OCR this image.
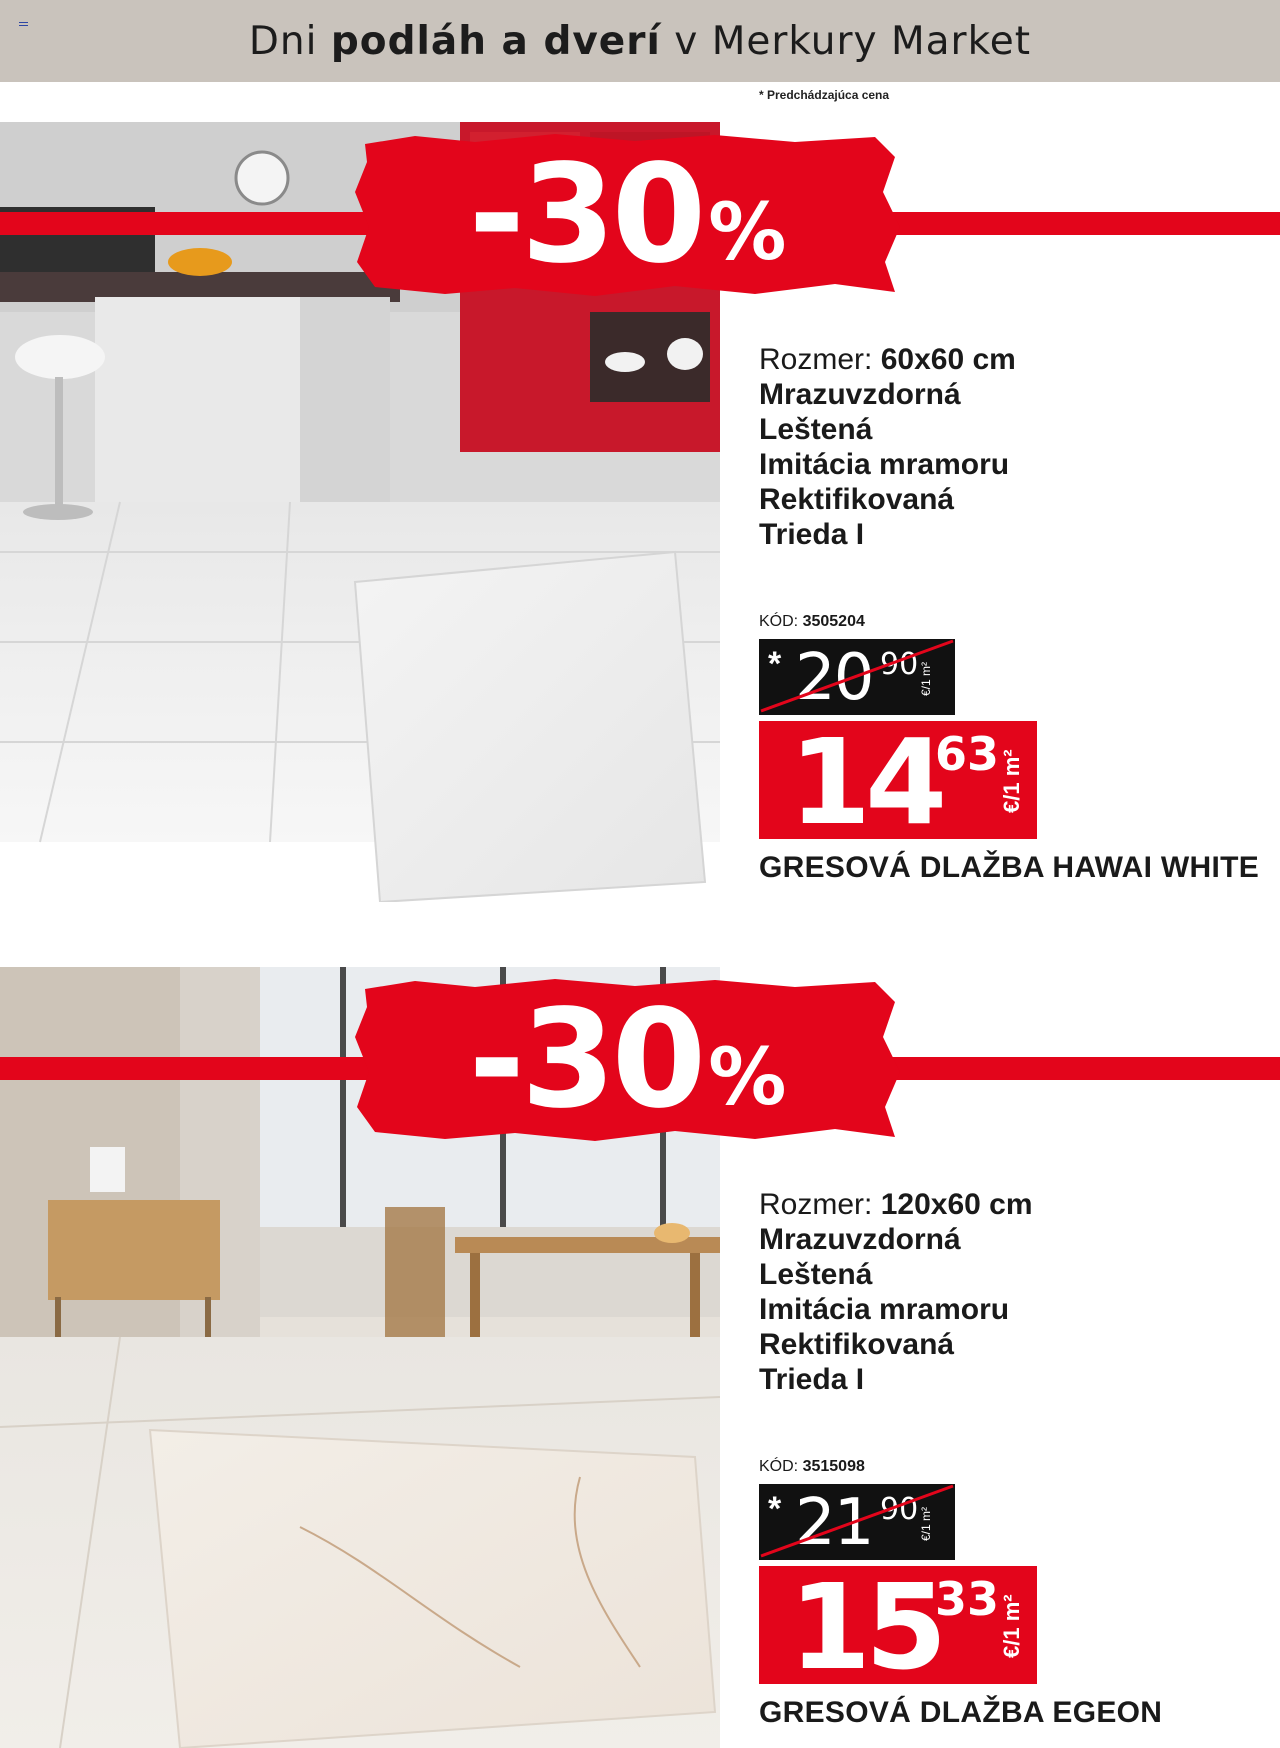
Dni podláh a dverí v Merkury Market
* Predchádzajúca cena
-30 %
Rozmer: 60x60 cm
Mrazuvzdorná
Leštená
Imitácia mramoru
Rektifikovaná
Trieda I
KÓD: 3505204
* 20 90 €/1 m²
14
63 €/1 m²
GRESOVÁ DLAŽBA HAWAI WHITE
-30 %
Rozmer: 120x60 cm
Mrazuvzdorná
Leštená
Imitácia mramoru
Rektifikovaná
Trieda I
KÓD: 3515098
* 21 90 €/1 m²
15
33 €/1 m²
GRESOVÁ DLAŽBA EGEON
